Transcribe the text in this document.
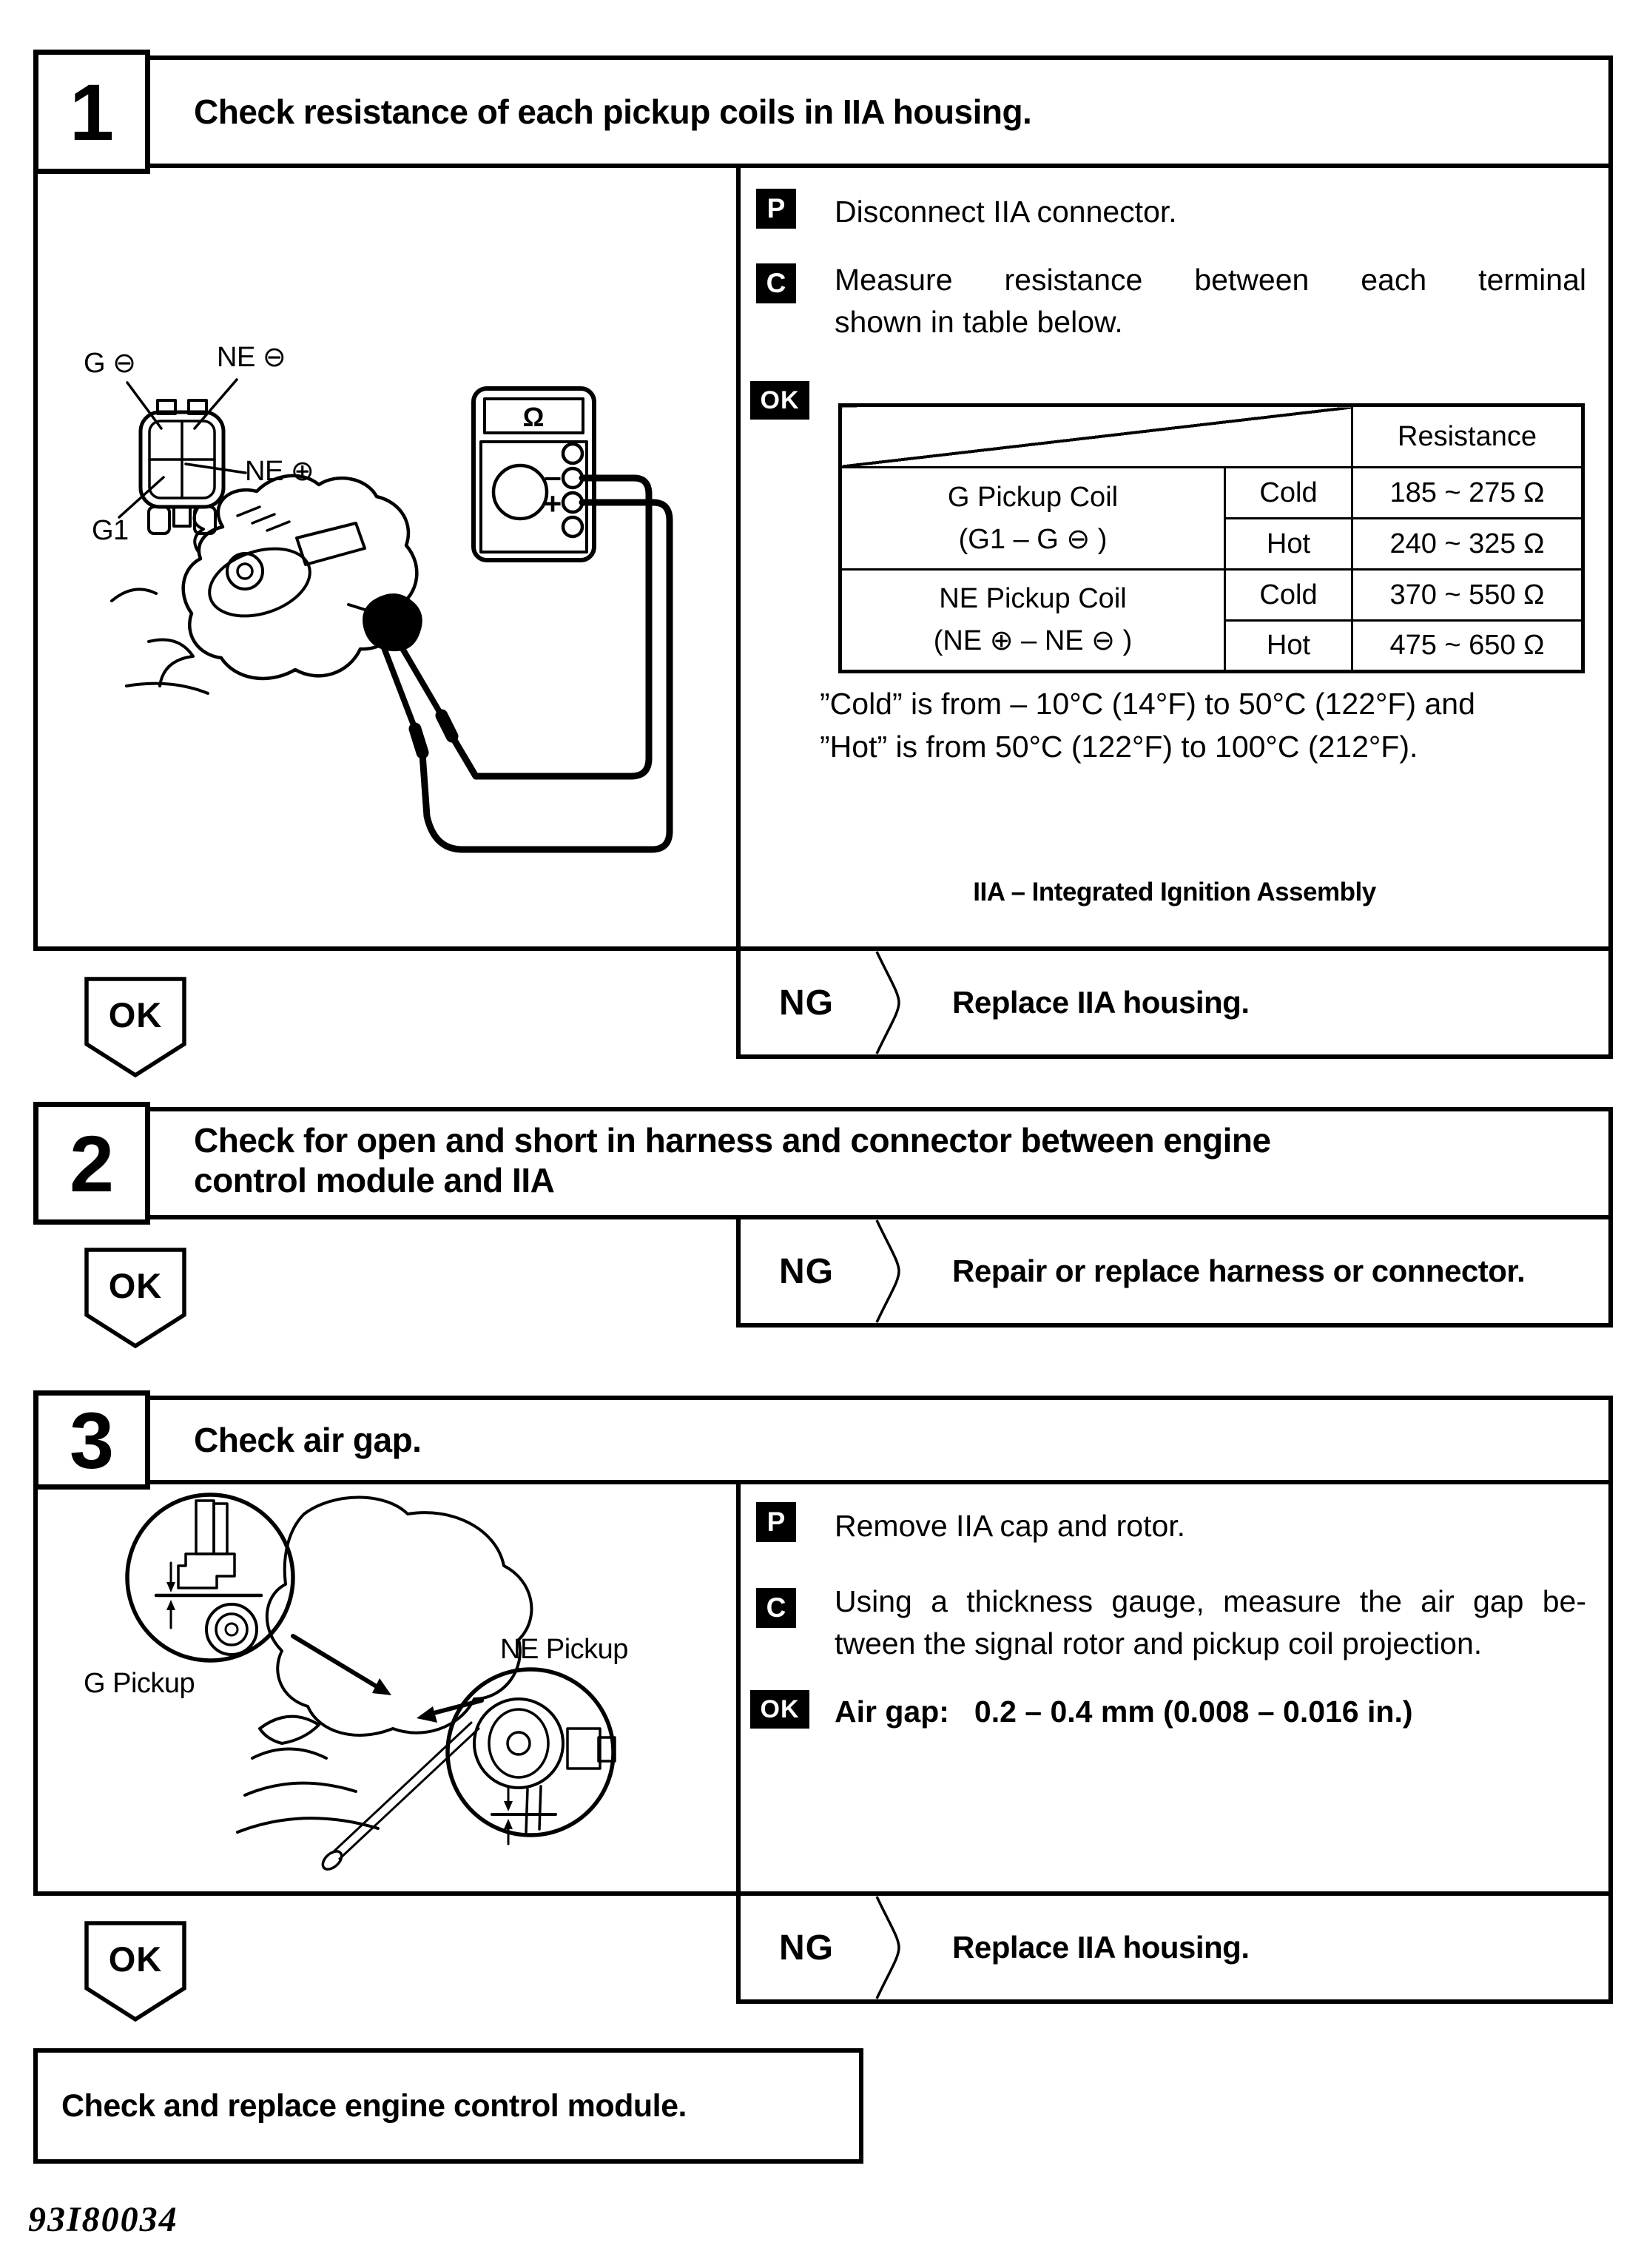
1 Check resistance of each pickup coils in IIA housing.
Ω
–
+
G ⊖	NE ⊖
NE ⊕
G1
P	Disconnect IIA connector.
C	Measure resistance between each terminal
shown in table below.
OK
		Resistance
G Pickup Coil
(G1 – G ⊖ )	Cold	185 ~ 275 Ω
	Hot	240 ~ 325 Ω
NE Pickup Coil
(NE ⊕ – NE ⊖ )	Cold	370 ~ 550 Ω
	Hot	475 ~ 650 Ω
”Cold” is from – 10°C (14°F) to 50°C (122°F) and
”Hot” is from 50°C (122°F) to 100°C (212°F).
IIA – Integrated Ignition Assembly
NG	Replace IIA housing.
OK
2 Check for open and short in harness and connector between engine
control module and IIA
NG	Repair or replace harness or connector.
OK
3 Check air gap.
G Pickup
NE Pickup
P	Remove IIA cap and rotor.
C	Using a thickness gauge, measure the air gap be-
tween the signal rotor and pickup coil projection.
OK	Air gap: 0.2 – 0.4 mm (0.008 – 0.016 in.)
NG	Replace IIA housing.
OK
Check and replace engine control module.
93I80034
